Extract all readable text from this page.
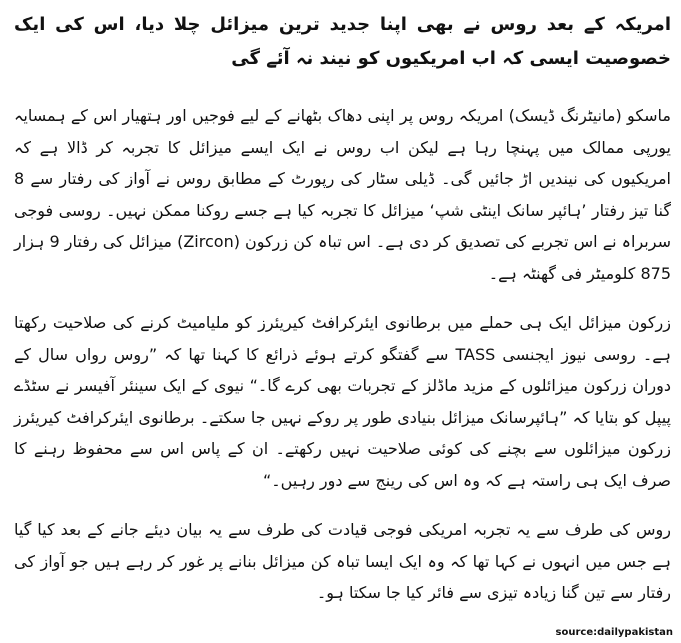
امریکہ کے بعد روس نے بھی اپنا جدید ترین میزائل چلا دیا، اس کی ایک خصوصیت ایسی کہ اب امریکیوں کو نیند نہ آئے گی
ماسکو (مانیٹرنگ ڈیسک) امریکہ روس پر اپنی دھاک بٹھانے کے لیے فوجیں اور ہتھیار اس کے ہمسایہ یورپی ممالک میں پہنچا رہا ہے لیکن اب روس نے ایک ایسے میزائل کا تجربہ کر ڈالا ہے کہ امریکیوں کی نیندیں اڑ جائیں گی۔ ڈیلی سٹار کی رپورٹ کے مطابق روس نے آواز کی رفتار سے 8 گنا تیز رفتار ’ہائپر سانک اینٹی شپ‘ میزائل کا تجربہ کیا ہے جسے روکنا ممکن نہیں۔ روسی فوجی سربراہ نے اس تجربے کی تصدیق کر دی ہے۔ اس تباہ کن زرکون (Zircon) میزائل کی رفتار 9 ہزار 875 کلومیٹر فی گھنٹہ ہے۔
زرکون میزائل ایک ہی حملے میں برطانوی ایئرکرافٹ کیریئرز کو ملیامیٹ کرنے کی صلاحیت رکھتا ہے۔ روسی نیوز ایجنسی TASS سے گفتگو کرتے ہوئے ذرائع کا کہنا تھا کہ ”روس رواں سال کے دوران زرکون میزائلوں کے مزید ماڈلز کے تجربات بھی کرے گا۔“ نیوی کے ایک سینئر آفیسر نے سٹڈے پیپل کو بتایا کہ ”ہائپرسانک میزائل بنیادی طور پر روکے نہیں جا سکتے۔ برطانوی ایئرکرافٹ کیریئرز زرکون میزائلوں سے بچنے کی کوئی صلاحیت نہیں رکھتے۔ ان کے پاس اس سے محفوظ رہنے کا صرف ایک ہی راستہ ہے کہ وہ اس کی رینج سے دور رہیں۔“
روس کی طرف سے یہ تجربہ امریکی فوجی قیادت کی طرف سے یہ بیان دیئے جانے کے بعد کیا گیا ہے جس میں انہوں نے کہا تھا کہ وہ ایک ایسا تباہ کن میزائل بنانے پر غور کر رہے ہیں جو آواز کی رفتار سے تین گنا زیادہ تیزی سے فائر کیا جا سکتا ہو۔
source:dailypakistan
